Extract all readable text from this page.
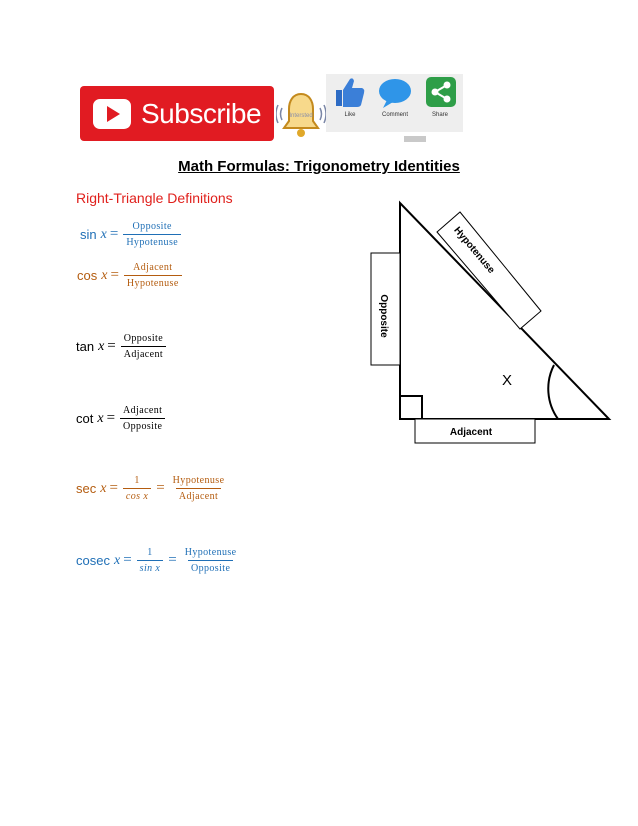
Subscribe	Intersted	Like	Comment	Share
Math Formulas: Trigonometry Identities
Right-Triangle Definitions
$\sin x = \frac{\text{Opposite}}{\text{Hypotenuse}}$
$\cos x = \frac{\text{Adjacent}}{\text{Hypotenuse}}$
$\tan x = \frac{\text{Opposite}}{\text{Adjacent}}$
$\cot x = \frac{\text{Adjacent}}{\text{Opposite}}$
$\sec x = \frac{1}{\text{cos x}} = \frac{\text{Hypotenuse}}{\text{Adjacent}}$
cosec $x = \frac{1}{\text{sin x}} = \frac{\text{Hypotenuse}}{\text{Opposite}}$
X
Opposite
Adjacent
Hypotenuse
